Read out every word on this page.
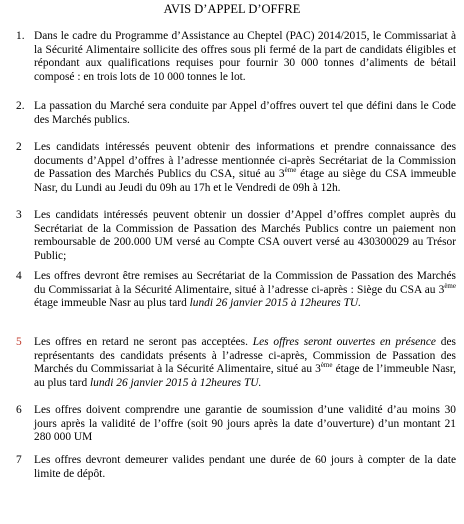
AVIS D’APPEL D’OFFRE
1. Dans le cadre du Programme d’Assistance au Cheptel (PAC) 2014/2015, le Commissariat à la Sécurité Alimentaire sollicite des offres sous pli fermé de la part de candidats éligibles et répondant aux qualifications requises pour fournir 30 000 tonnes d’aliments de bétail composé : en trois lots de 10 000 tonnes le lot.
2. La passation du Marché sera conduite par Appel d’offres ouvert tel que défini dans le Code des Marchés publics.
2	Les candidats intéressés peuvent obtenir des informations et prendre connaissance des documents d’Appel d’offres à l’adresse mentionnée ci-après Secrétariat de la Commission de Passation des Marchés Publics du CSA, situé au 3ème étage au siège du CSA immeuble Nasr, du Lundi au Jeudi du 09h au 17h et le Vendredi de 09h à 12h.
3	Les candidats intéressés peuvent obtenir un dossier d’Appel d’offres complet auprès du Secrétariat de la Commission de Passation des Marchés Publics contre un paiement non remboursable de 200.000 UM versé au Compte CSA ouvert versé au 430300029 au Trésor Public;
4	Les offres devront être remises au Secrétariat de la Commission de Passation des Marchés du Commissariat à la Sécurité Alimentaire, situé à l’adresse ci-après : Siège du CSA au 3ème étage immeuble Nasr au plus tard lundi 26 janvier 2015 à 12heures TU.
5	Les offres en retard ne seront pas acceptées. Les offres seront ouvertes en présence des représentants des candidats présents à l’adresse ci-après, Commission de Passation des Marchés du Commissariat à la Sécurité Alimentaire, situé au 3ème étage de l’immeuble Nasr, au plus tard lundi 26 janvier 2015 à 12heures TU.
6	Les offres doivent comprendre une garantie de soumission d’une validité d’au moins 30 jours après la validité de l’offre (soit 90 jours après la date d’ouverture) d’un montant 21 280 000 UM
7	Les offres devront demeurer valides pendant une durée de 60 jours à compter de la date limite de dépôt.
